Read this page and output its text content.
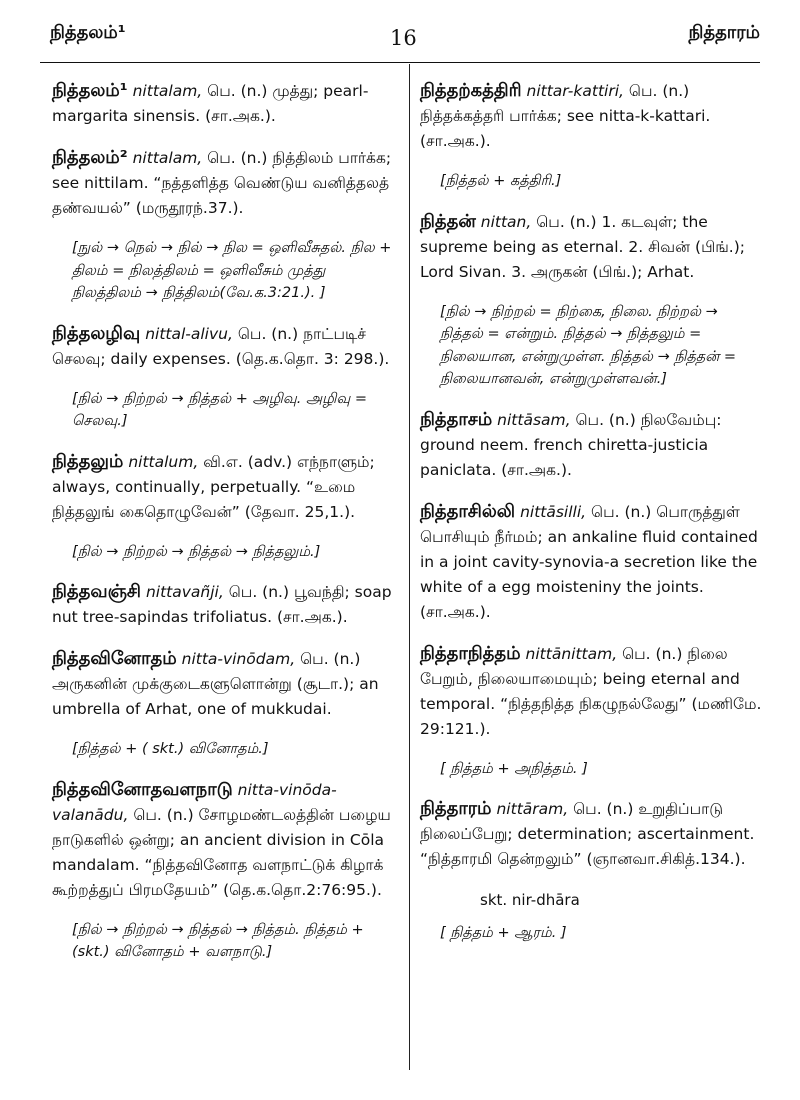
நித்தலம்¹	16	நித்தாரம்
நித்தலம்¹ nittalam, பெ. (n.) முத்து; pearl-margarita sinensis. (சா.அக.).
நித்தலம்² nittalam, பெ. (n.) நித்திலம் பார்க்க; see nittilam. “நத்தளித்த வெண்டுய வனித்தலத் தண்வயல்” (மருதூரந்.37.).
[நுல் → நெல் → நில் → நில = ஒளிவீசுதல். நில + திலம் = நிலத்திலம் = ஒளிவீசும் முத்து நிலத்திலம் → நித்திலம்(வே.க.3:21.). ]
நித்தலழிவு nittal-alivu, பெ. (n.) நாட்படிச் செலவு; daily expenses. (தெ.க.தொ. 3: 298.).
[நில் → நிற்றல் → நித்தல் + அழிவு. அழிவு = செலவு.]
நித்தலும் nittalum, வி.எ. (adv.) எந்நாளும்; always, continually, perpetually. “உமை நித்தலுங் கைதொழுவேன்” (தேவா. 25,1.).
[நில் → நிற்றல் → நித்தல் → நித்தலும்.]
நித்தவஞ்சி nittavañji, பெ. (n.) பூவந்தி; soap nut tree-sapindas trifoliatus. (சா.அக.).
நித்தவினோதம் nitta-vinōdam, பெ. (n.) அருகனின் முக்குடைகளுளொன்று (சூடா.); an umbrella of Arhat, one of mukkudai.
[நித்தல் + ( skt.) வினோதம்.]
நித்தவினோதவளநாடு nitta-vinōda-valanādu, பெ. (n.) சோழமண்டலத்தின் பழைய நாடுகளில் ஒன்று; an ancient division in Cōla mandalam. “நித்தவினோத வளநாட்டுக் கிழாக் கூற்றத்துப் பிரமதேயம்” (தெ.க.தொ.2:76:95.).
[நில் → நிற்றல் → நித்தல் → நித்தம். நித்தம் + (skt.) வினோதம் + வளநாடு.]
நித்தற்கத்திரி nittar-kattiri, பெ. (n.) நித்தக்கத்தரி பார்க்க; see nitta-k-kattari. (சா.அக.).
[நித்தல் + கத்திரி.]
நித்தன் nittan, பெ. (n.) 1. கடவுள்; the supreme being as eternal. 2. சிவன் (பிங்.); Lord Sivan. 3. அருகன் (பிங்.); Arhat.
[நில் → நிற்றல் = நிற்கை, நிலை. நிற்றல் → நித்தல் = என்றும். நித்தல் → நித்தலும் = நிலையான, என்றுமுள்ள. நித்தல் → நித்தன் = நிலையானவன், என்றுமுள்ளவன்.]
நித்தாசம் nittāsam, பெ. (n.) நிலவேம்பு: ground neem. french chiretta-justicia paniclata. (சா.அக.).
நித்தாசில்லி nittāsilli, பெ. (n.) பொருத்துள் பொசியும் நீர்மம்; an ankaline fluid contained in a joint cavity-synovia-a secretion like the white of a egg moisteniny the joints. (சா.அக.).
நித்தாநித்தம் nittānittam, பெ. (n.) நிலை பேறும், நிலையாமையும்; being eternal and temporal. “நித்தநித்த நிகழுநல்லேது” (மணிமே. 29:121.).
[ நித்தம் + அநித்தம். ]
நித்தாரம் nittāram, பெ. (n.) உறுதிப்பாடு நிலைப்பேறு; determination; ascertainment. “நித்தாரமி தென்றலும்” (ஞானவா.சிகித்.134.).
skt. nir-dhāra
[ நித்தம் + ஆரம். ]
